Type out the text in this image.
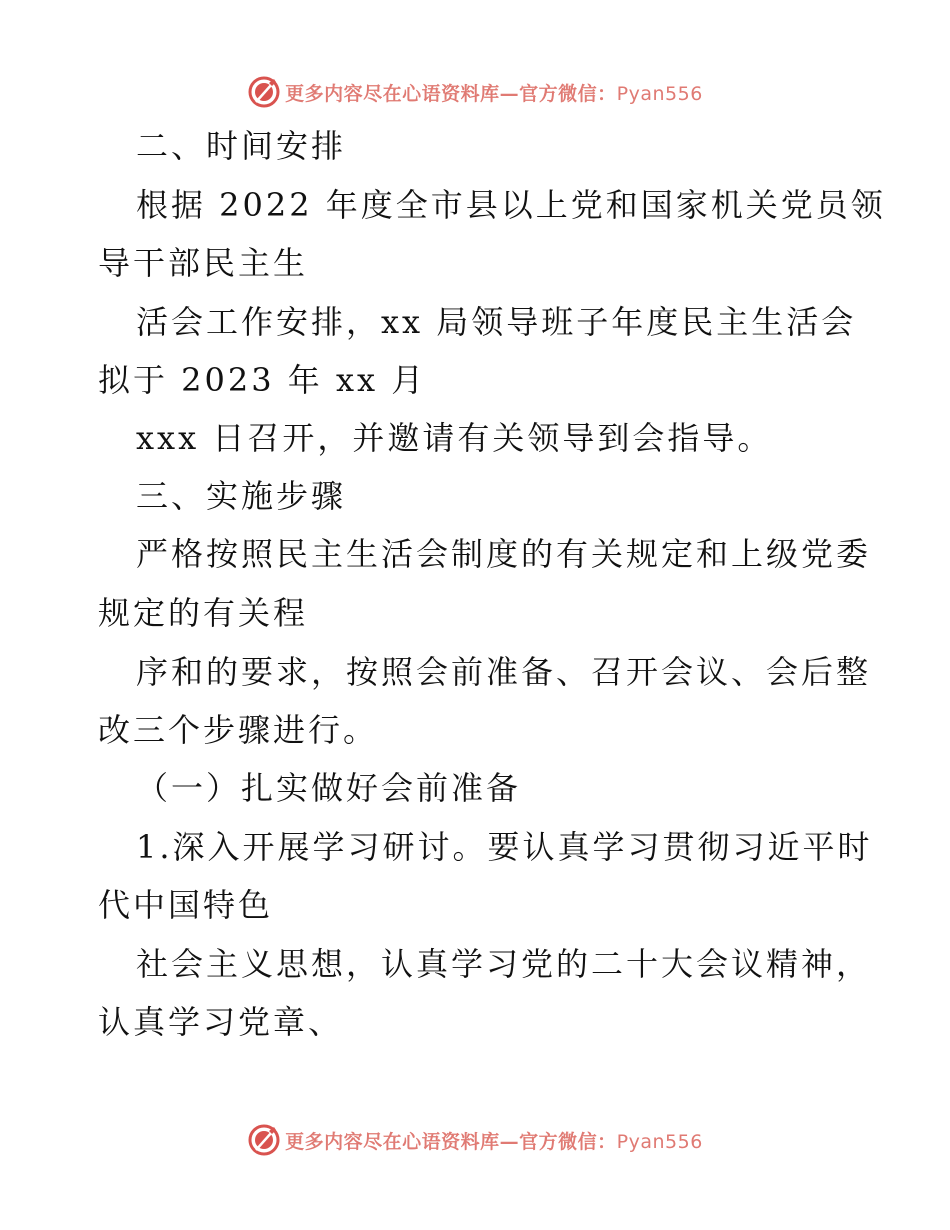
更多内容尽在心语资料库—官方微信：Pyan556
二、时间安排
根据 2022 年度全市县以上党和国家机关党员领
导干部民主生
活会工作安排，xx 局领导班子年度民主生活会
拟于 2023 年 xx 月
xxx 日召开，并邀请有关领导到会指导。
三、实施步骤
严格按照民主生活会制度的有关规定和上级党委
规定的有关程
序和的要求，按照会前准备、召开会议、会后整
改三个步骤进行。
（一）扎实做好会前准备
1.深入开展学习研讨。要认真学习贯彻习近平时
代中国特色
社会主义思想，认真学习党的二十大会议精神，
认真学习党章、
更多内容尽在心语资料库—官方微信：Pyan556
